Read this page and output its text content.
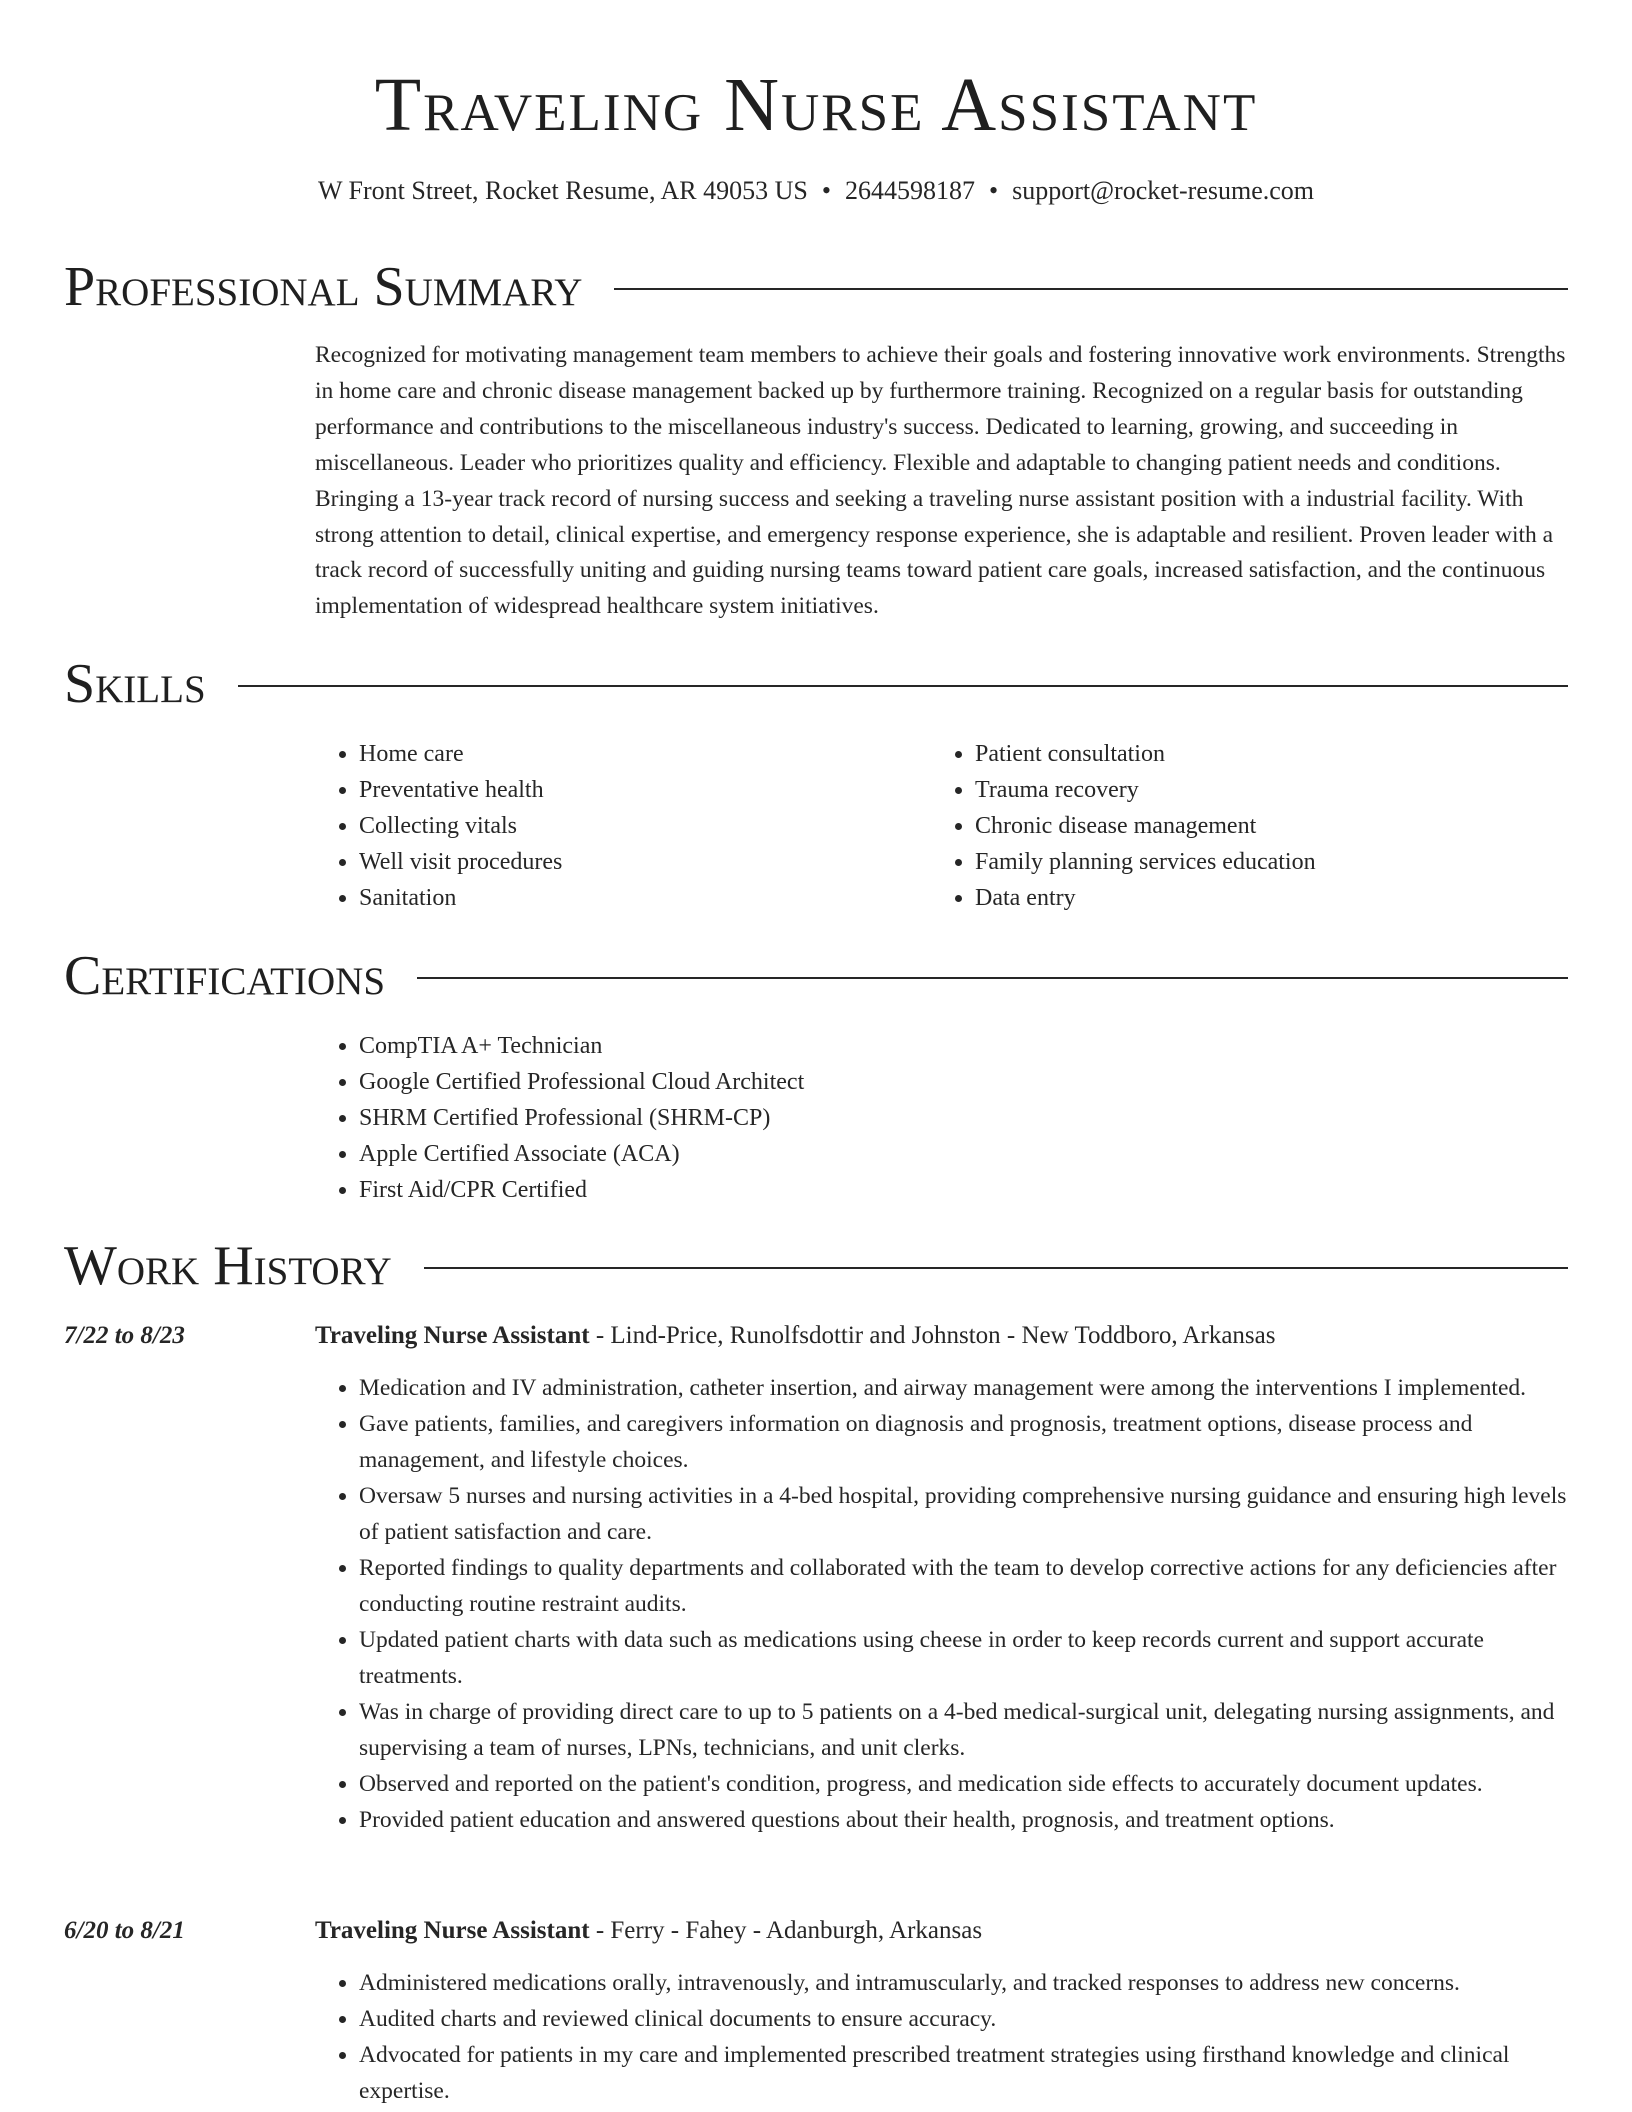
Traveling Nurse Assistant
W Front Street, Rocket Resume, AR 49053 US • 2644598187 • support@rocket-resume.com
Professional Summary

Recognized for motivating management team members to achieve their goals and fostering innovative work environments. Strengths in home care and chronic disease management backed up by furthermore training. Recognized on a regular basis for outstanding performance and contributions to the miscellaneous industry's success. Dedicated to learning, growing, and succeeding in miscellaneous. Leader who prioritizes quality and efficiency. Flexible and adaptable to changing patient needs and conditions. Bringing a 13-year track record of nursing success and seeking a traveling nurse assistant position with a industrial facility. With strong attention to detail, clinical expertise, and emergency response experience, she is adaptable and resilient. Proven leader with a track record of successfully uniting and guiding nursing teams toward patient care goals, increased satisfaction, and the continuous implementation of widespread healthcare system initiatives.

Skills
• Home care
• Preventative health
• Collecting vitals
• Well visit procedures
• Sanitation
• Patient consultation
• Trauma recovery
• Chronic disease management
• Family planning services education
• Data entry
Certifications
• CompTIA A+ Technician
• Google Certified Professional Cloud Architect
• SHRM Certified Professional (SHRM-CP)
• Apple Certified Associate (ACA)
• First Aid/CPR Certified
Work History
7/22 to 8/23	Traveling Nurse Assistant - Lind-Price, Runolfsdottir and Johnston - New Toddboro, Arkansas
• Medication and IV administration, catheter insertion, and airway management were among the interventions I implemented.
• Gave patients, families, and caregivers information on diagnosis and prognosis, treatment options, disease process and management, and lifestyle choices.
• Oversaw 5 nurses and nursing activities in a 4-bed hospital, providing comprehensive nursing guidance and ensuring high levels of patient satisfaction and care.
• Reported findings to quality departments and collaborated with the team to develop corrective actions for any deficiencies after conducting routine restraint audits.
• Updated patient charts with data such as medications using cheese in order to keep records current and support accurate treatments.
• Was in charge of providing direct care to up to 5 patients on a 4-bed medical-surgical unit, delegating nursing assignments, and supervising a team of nurses, LPNs, technicians, and unit clerks.
• Observed and reported on the patient's condition, progress, and medication side effects to accurately document updates.
• Provided patient education and answered questions about their health, prognosis, and treatment options.
6/20 to 8/21	Traveling Nurse Assistant - Ferry - Fahey - Adanburgh, Arkansas
• Administered medications orally, intravenously, and intramuscularly, and tracked responses to address new concerns.
• Audited charts and reviewed clinical documents to ensure accuracy.
• Advocated for patients in my care and implemented prescribed treatment strategies using firsthand knowledge and clinical expertise.
